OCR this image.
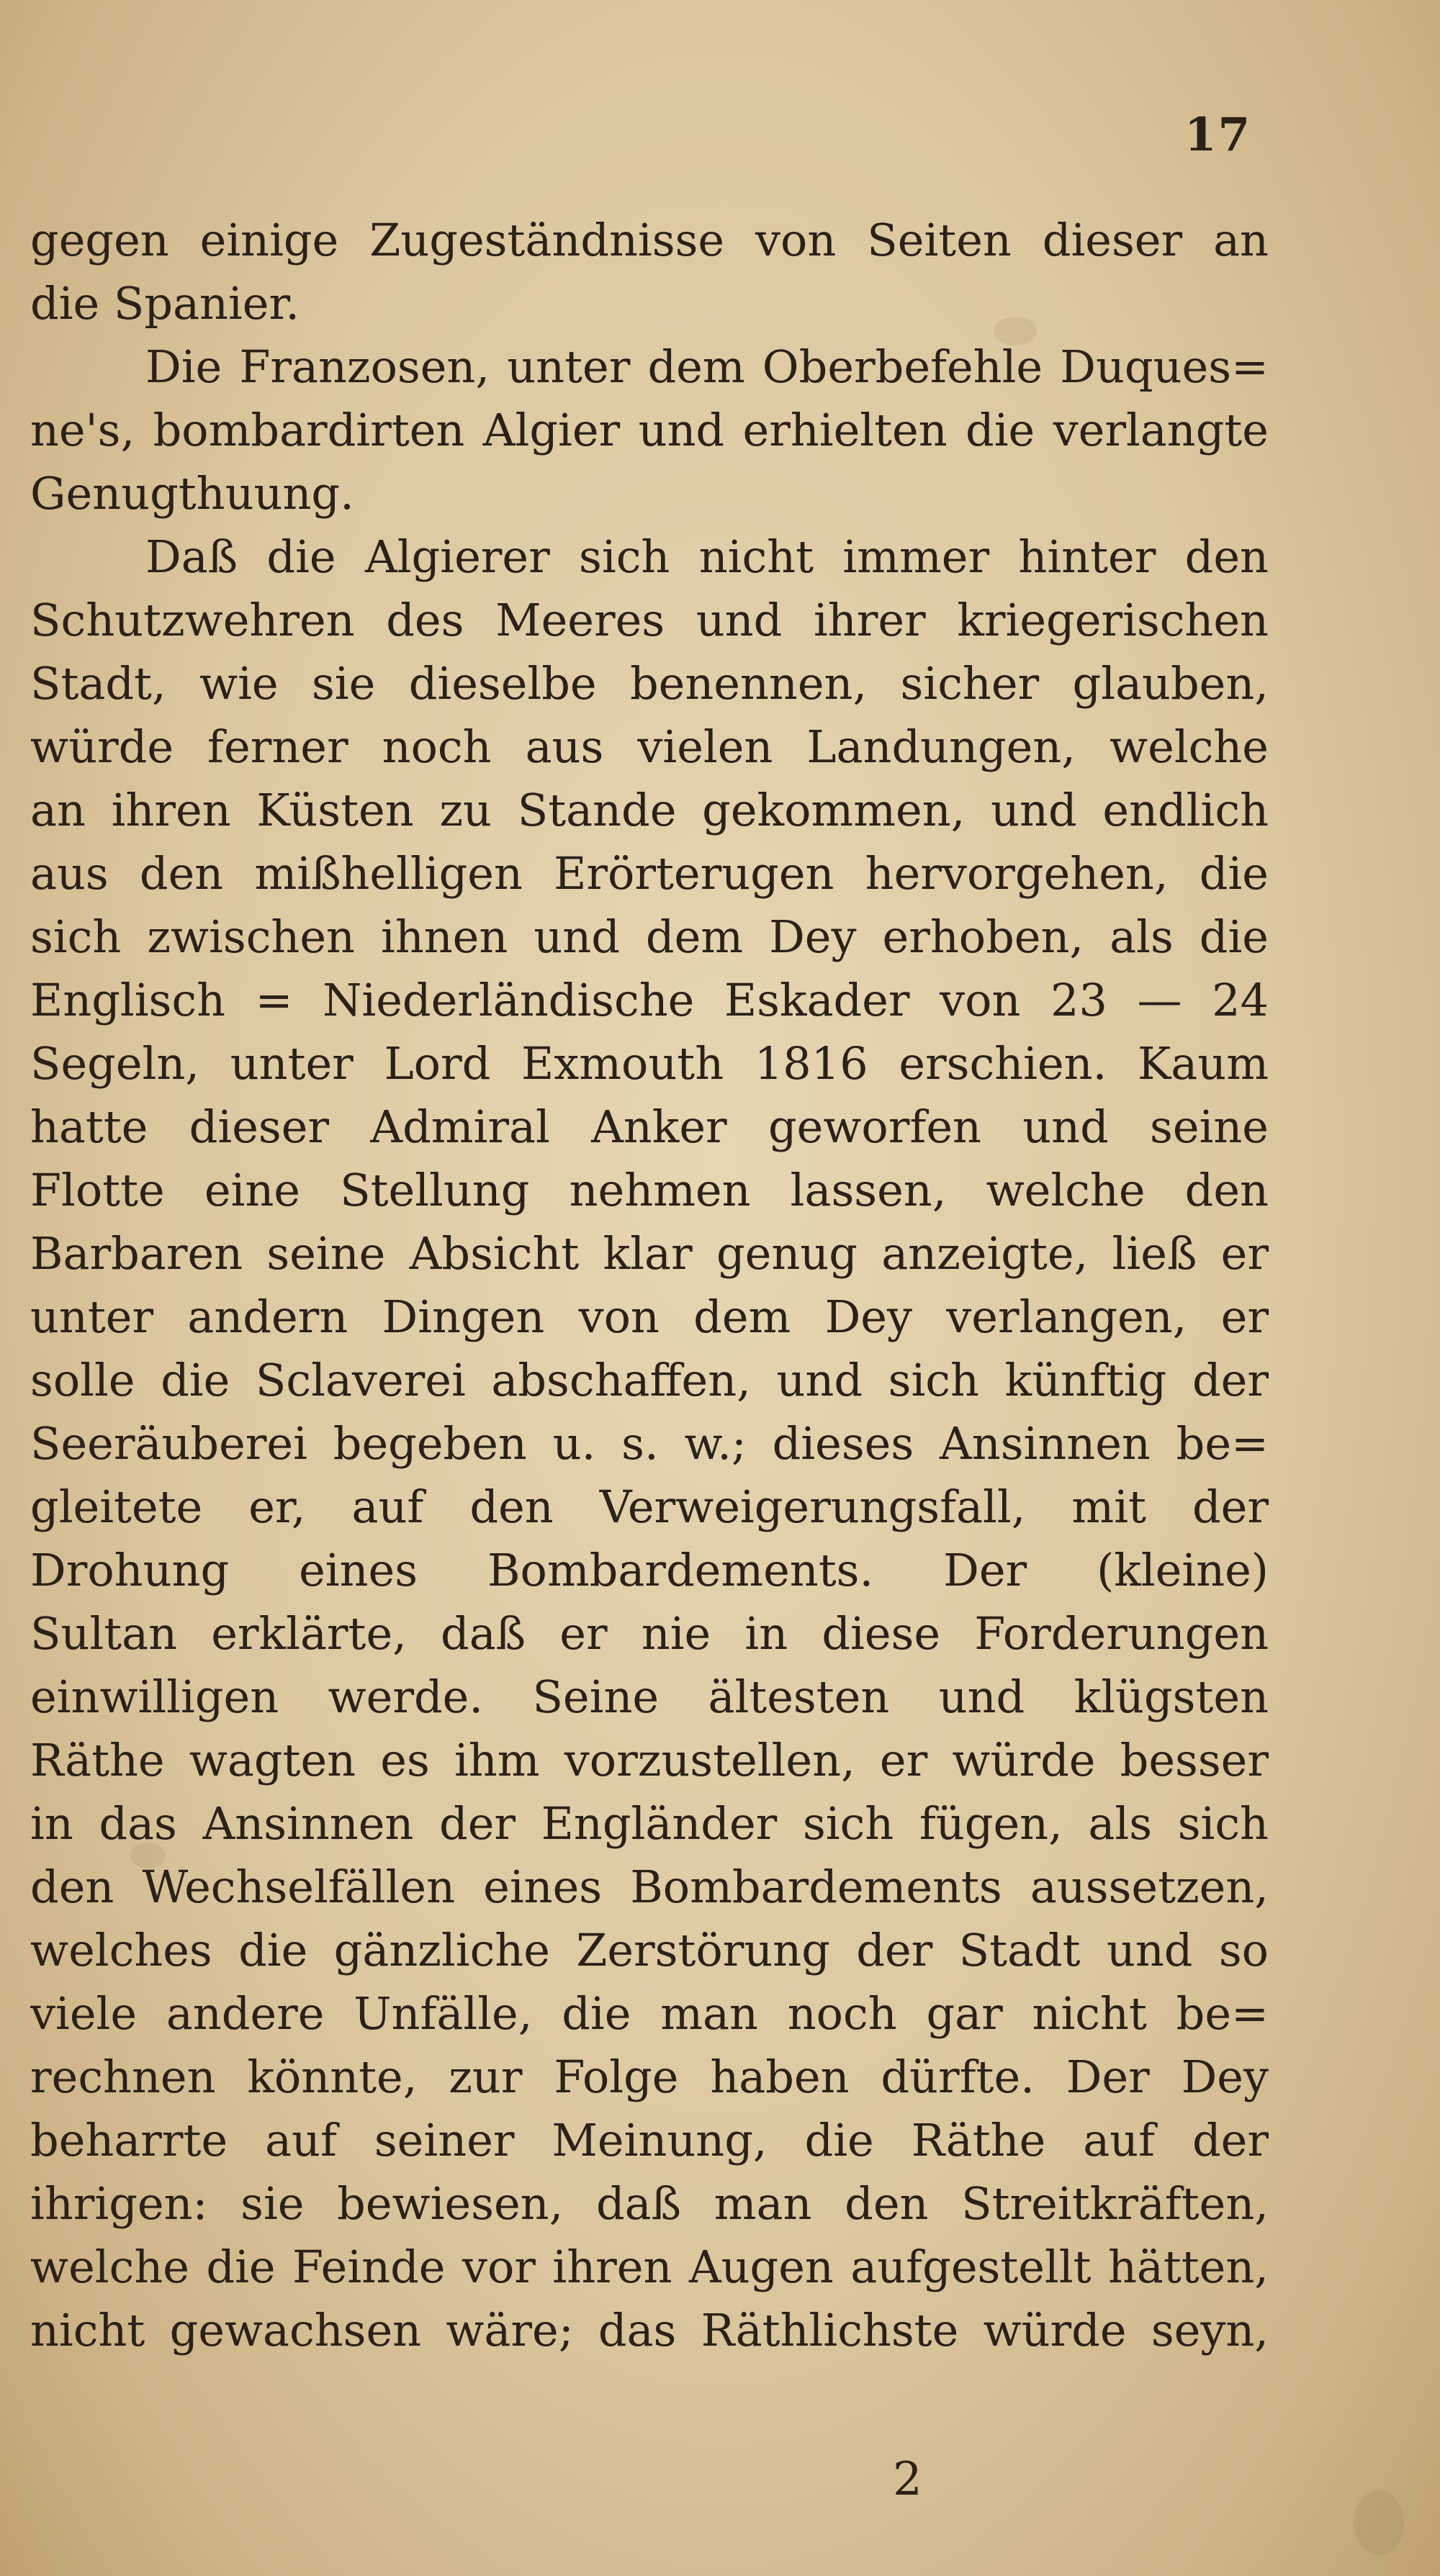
17
gegen einige Zugeständnisse von Seiten dieser an
die Spanier.
Die Franzosen, unter dem Oberbefehle Duques=
ne's, bombardirten Algier und erhielten die verlangte
Genugthuung.
Daß die Algierer sich nicht immer hinter den
Schutzwehren des Meeres und ihrer kriegerischen
Stadt, wie sie dieselbe benennen, sicher glauben,
würde ferner noch aus vielen Landungen, welche
an ihren Küsten zu Stande gekommen, und endlich
aus den mißhelligen Erörterugen hervorgehen, die
sich zwischen ihnen und dem Dey erhoben, als die
Englisch = Niederländische Eskader von 23 — 24
Segeln, unter Lord Exmouth 1816 erschien. Kaum
hatte dieser Admiral Anker geworfen und seine
Flotte eine Stellung nehmen lassen, welche den
Barbaren seine Absicht klar genug anzeigte, ließ er
unter andern Dingen von dem Dey verlangen, er
solle die Sclaverei abschaffen, und sich künftig der
Seeräuberei begeben u. s. w.; dieses Ansinnen be=
gleitete er, auf den Verweigerungsfall, mit der
Drohung eines Bombardements. Der (kleine)
Sultan erklärte, daß er nie in diese Forderungen
einwilligen werde. Seine ältesten und klügsten
Räthe wagten es ihm vorzustellen, er würde besser
in das Ansinnen der Engländer sich fügen, als sich
den Wechselfällen eines Bombardements aussetzen,
welches die gänzliche Zerstörung der Stadt und so
viele andere Unfälle, die man noch gar nicht be=
rechnen könnte, zur Folge haben dürfte. Der Dey
beharrte auf seiner Meinung, die Räthe auf der
ihrigen: sie bewiesen, daß man den Streitkräften,
welche die Feinde vor ihren Augen aufgestellt hätten,
nicht gewachsen wäre; das Räthlichste würde seyn,
2
